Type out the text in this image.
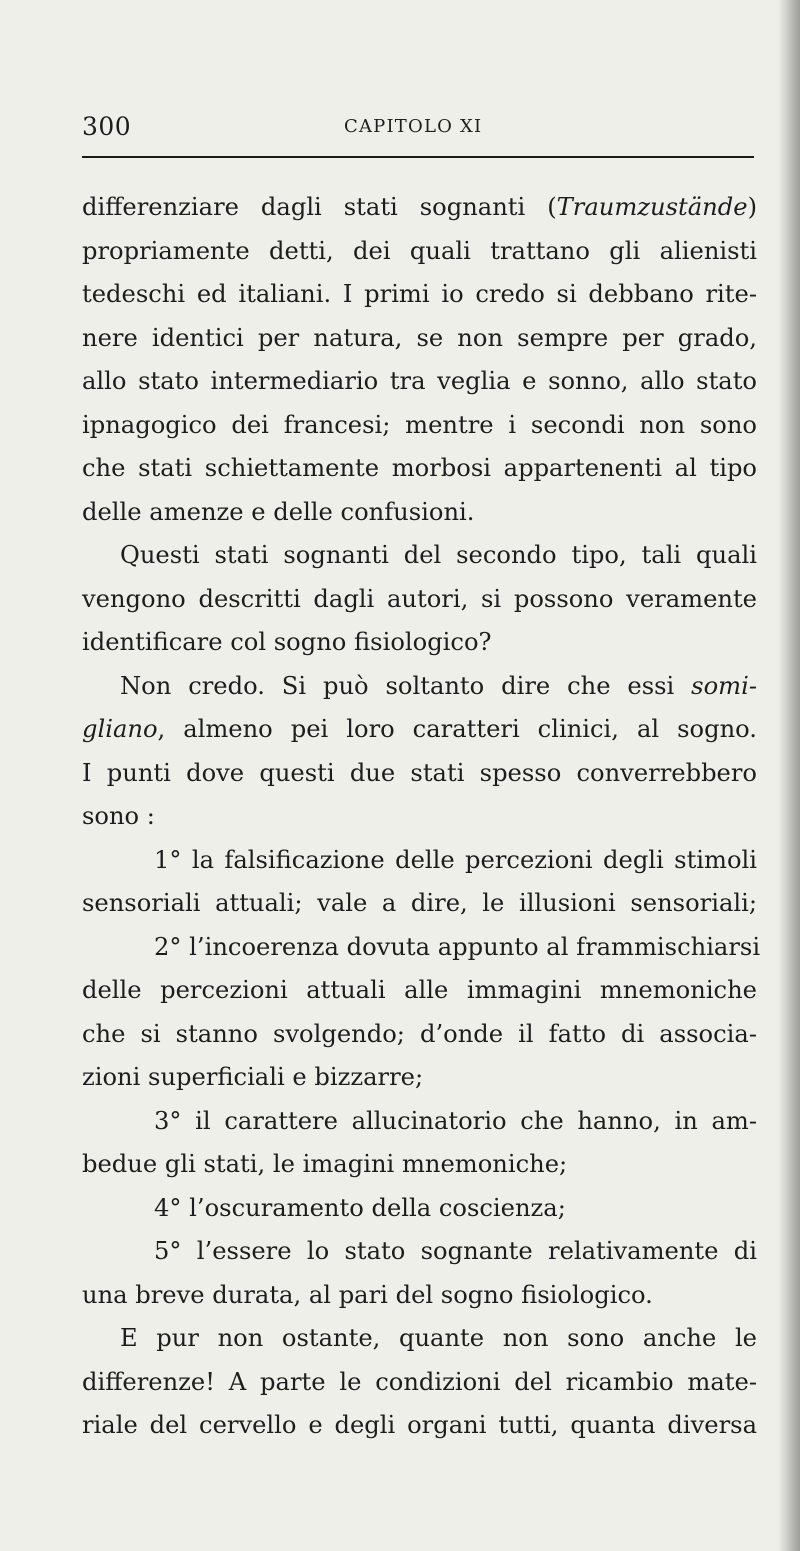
300	CAPITOLO XI
differenziare dagli stati sognanti (Traumzustände)
propriamente detti, dei quali trattano gli alienisti
tedeschi ed italiani. I primi io credo si debbano rite-
nere identici per natura, se non sempre per grado,
allo stato intermediario tra veglia e sonno, allo stato
ipnagogico dei francesi; mentre i secondi non sono
che stati schiettamente morbosi appartenenti al tipo
delle amenze e delle confusioni.
Questi stati sognanti del secondo tipo, tali quali
vengono descritti dagli autori, si possono veramente
identificare col sogno fisiologico?
Non credo. Si può soltanto dire che essi somi-
gliano, almeno pei loro caratteri clinici, al sogno.
I punti dove questi due stati spesso converrebbero
sono :
1° la falsificazione delle percezioni degli stimoli
sensoriali attuali; vale a dire, le illusioni sensoriali;
2° l’incoerenza dovuta appunto al frammischiarsi
delle percezioni attuali alle immagini mnemoniche
che si stanno svolgendo; d’onde il fatto di associa-
zioni superficiali e bizzarre;
3° il carattere allucinatorio che hanno, in am-
bedue gli stati, le imagini mnemoniche;
4° l’oscuramento della coscienza;
5° l’essere lo stato sognante relativamente di
una breve durata, al pari del sogno fisiologico.
E pur non ostante, quante non sono anche le
differenze! A parte le condizioni del ricambio mate-
riale del cervello e degli organi tutti, quanta diversa
